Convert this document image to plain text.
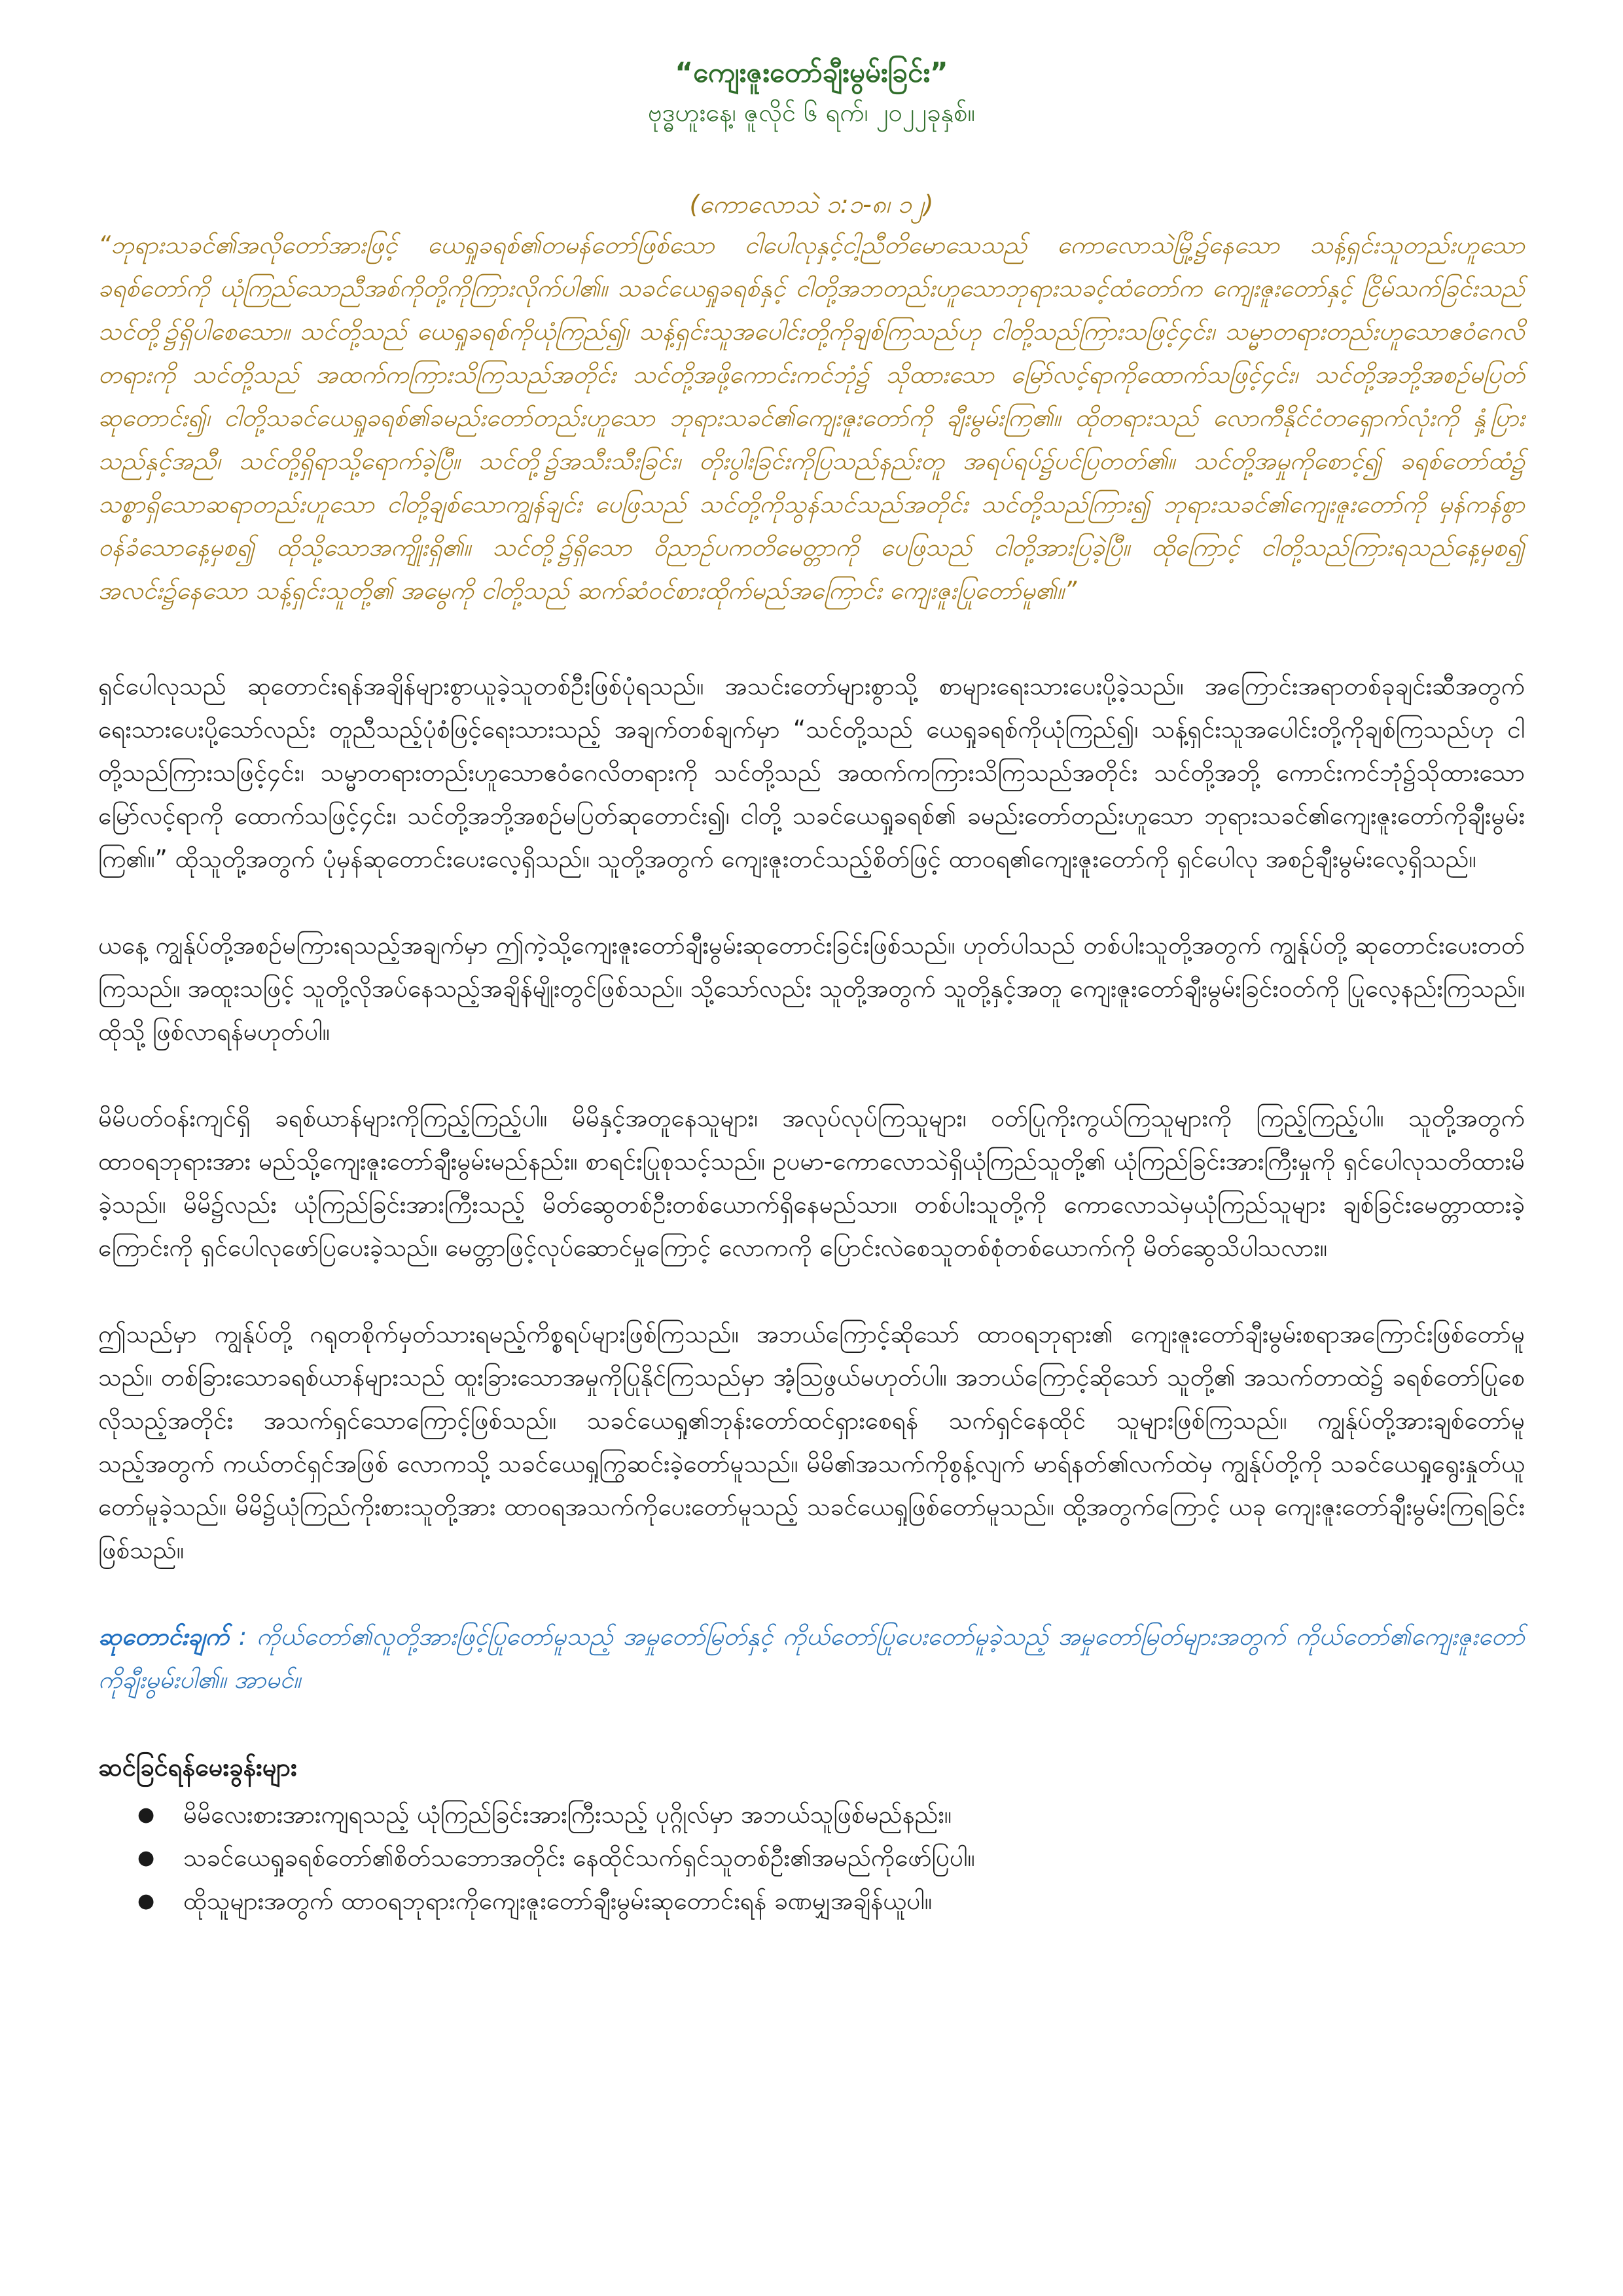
“ကျေးဇူးတော်ချီးမွမ်းခြင်း”

ဗုဒ္ဓဟူးနေ့၊ ဇူလိုင် ၆ ရက်၊ ၂၀၂၂ခုနှစ်။

(ကောလောသဲ ၁:၁-၈၊ ၁၂)

“ဘုရားသခင်၏အလိုတော်အားဖြင့် ယေရှုခရစ်၏တမန်တော်ဖြစ်သော ငါပေါလုနှင့်ငါ့ညီတိမောသေသည် ကောလောသဲမြို့၌နေသော သန့်ရှင်းသူတည်းဟူသော ခရစ်တော်ကို ယုံကြည်သောညီအစ်ကိုတို့ကိုကြားလိုက်ပါ၏။ သခင်ယေရှုခရစ်နှင့် ငါတို့အဘတည်းဟူသောဘုရားသခင့်ထံတော်က ကျေးဇူးတော်နှင့် ငြိမ်သက်ခြင်းသည် သင်တို့၌ရှိပါစေသော။ သင်တို့သည် ယေရှုခရစ်ကိုယုံကြည်၍၊ သန့်ရှင်းသူအပေါင်းတို့ကိုချစ်ကြသည်ဟု ငါတို့သည်ကြားသဖြင့်၄င်း၊ သမ္မာတရားတည်းဟူသောဧဝံဂေလိတရားကို သင်တို့သည် အထက်ကကြားသိကြသည်အတိုင်း သင်တို့အဖို့ကောင်းကင်ဘုံ၌ သိုထားသော မြော်လင့်ရာကိုထောက်သဖြင့်၄င်း၊ သင်တို့အဘို့အစဉ်မပြတ်ဆုတောင်း၍၊ ငါတို့သခင်ယေရှုခရစ်၏ခမည်းတော်တည်းဟူသော ဘုရားသခင်၏ကျေးဇူးတော်ကို ချီးမွမ်းကြ၏။ ထိုတရားသည် လောကီနိုင်ငံတရှောက်လုံးကို နှံ့ပြားသည်နှင့်အညီ၊ သင်တို့ရှိရာသို့ရောက်ခဲ့ပြီ။ သင်တို့၌အသီးသီးခြင်း၊ တိုးပွါးခြင်းကိုပြသည်နည်းတူ အရပ်ရပ်၌ပင်ပြတတ်၏။ သင်တို့အမှုကိုစောင့်၍ ခရစ်တော်ထံ၌ သစ္စာရှိသောဆရာတည်းဟူသော ငါတို့ချစ်သောကျွန်ချင်း ပေဖြသည် သင်တို့ကိုသွန်သင်သည်အတိုင်း သင်တို့သည်ကြား၍ ဘုရားသခင်၏ကျေးဇူးတော်ကို မှန်ကန်စွာဝန်ခံသောနေ့မှစ၍ ထိုသို့သောအကျိုးရှိ၏။ သင်တို့၌ရှိသော ဝိညာဉ်ပကတိမေတ္တာကို ပေဖြသည် ငါတို့အားပြခဲ့ပြီ။ ထိုကြောင့် ငါတို့သည်ကြားရသည်နေ့မှစ၍ အလင်း၌နေသော သန့်ရှင်းသူတို့၏ အမွေကို ငါတို့သည် ဆက်ဆံဝင်စားထိုက်မည်အကြောင်း ကျေးဇူးပြုတော်မူ၏။”

ရှင်ပေါလုသည် ဆုတောင်းရန်အချိန်များစွာယူခဲ့သူတစ်ဦးဖြစ်ပုံရသည်။ အသင်းတော်များစွာသို့ စာများရေးသားပေးပို့ခဲ့သည်။ အကြောင်းအရာတစ်ခုချင်းဆီအတွက်ရေးသားပေးပို့သော်လည်း တူညီသည့်ပုံစံဖြင့်ရေးသားသည့် အချက်တစ်ချက်မှာ “သင်တို့သည် ယေရှုခရစ်ကိုယုံကြည်၍၊ သန့်ရှင်းသူအပေါင်းတို့ကိုချစ်ကြသည်ဟု ငါတို့သည်ကြားသဖြင့်၄င်း၊ သမ္မာတရားတည်းဟူသောဧဝံဂေလိတရားကို သင်တို့သည် အထက်ကကြားသိကြသည်အတိုင်း သင်တို့အဘို့ ကောင်းကင်ဘုံ၌သိုထားသောမြော်လင့်ရာကို ထောက်သဖြင့်၄င်း၊ သင်တို့အဘို့အစဉ်မပြတ်ဆုတောင်း၍၊ ငါတို့ သခင်ယေရှုခရစ်၏ ခမည်းတော်တည်းဟူသော ဘုရားသခင်၏ကျေးဇူးတော်ကိုချီးမွမ်းကြ၏။” ထိုသူတို့အတွက် ပုံမှန်ဆုတောင်းပေးလေ့ရှိသည်။ သူတို့အတွက် ကျေးဇူးတင်သည့်စိတ်ဖြင့် ထာဝရ၏ကျေးဇူးတော်ကို ရှင်ပေါလု အစဉ်ချီးမွမ်းလေ့ရှိသည်။

ယနေ့ ကျွန်ုပ်တို့အစဉ်မကြားရသည့်အချက်မှာ ဤကဲ့သို့ကျေးဇူးတော်ချီးမွမ်းဆုတောင်းခြင်းဖြစ်သည်။ ဟုတ်ပါသည် တစ်ပါးသူတို့အတွက် ကျွန်ုပ်တို့ ဆုတောင်းပေးတတ်ကြသည်။ အထူးသဖြင့် သူတို့လိုအပ်နေသည့်အချိန်မျိုးတွင်ဖြစ်သည်။ သို့သော်လည်း သူတို့အတွက် သူတို့နှင့်အတူ ကျေးဇူးတော်ချီးမွမ်းခြင်းဝတ်ကို ပြုလေ့နည်းကြသည်။ ထိုသို့ ဖြစ်လာရန်မဟုတ်ပါ။

မိမိပတ်ဝန်းကျင်ရှိ ခရစ်ယာန်များကိုကြည့်ကြည့်ပါ။ မိမိနှင့်အတူနေသူများ၊ အလုပ်လုပ်ကြသူများ၊ ဝတ်ပြုကိုးကွယ်ကြသူများကို ကြည့်ကြည့်ပါ။ သူတို့အတွက် ထာဝရဘုရားအား မည်သို့ကျေးဇူးတော်ချီးမွမ်းမည်နည်း။ စာရင်းပြုစုသင့်သည်။ ဥပမာ-ကောလောသဲရှိယုံကြည်သူတို့၏ ယုံကြည်ခြင်းအားကြီးမှုကို ရှင်ပေါလုသတိထားမိခဲ့သည်။ မိမိ၌လည်း ယုံကြည်ခြင်းအားကြီးသည့် မိတ်ဆွေတစ်ဦးတစ်ယောက်ရှိနေမည်သာ။ တစ်ပါးသူတို့ကို ကောလောသဲမှယုံကြည်သူများ ချစ်ခြင်းမေတ္တာထားခဲ့ကြောင်းကို ရှင်ပေါလုဖော်ပြပေးခဲ့သည်။ မေတ္တာဖြင့်လုပ်ဆောင်မှုကြောင့် လောကကို ပြောင်းလဲစေသူတစ်စုံတစ်ယောက်ကို မိတ်ဆွေသိပါသလား။

ဤသည်မှာ ကျွန်ုပ်တို့ ဂရုတစိုက်မှတ်သားရမည့်ကိစ္စရပ်များဖြစ်ကြသည်။ အဘယ်ကြောင့်ဆိုသော် ထာဝရဘုရား၏ ကျေးဇူးတော်ချီးမွမ်းစရာအကြောင်းဖြစ်တော်မူသည်။ တစ်ခြားသောခရစ်ယာန်များသည် ထူးခြားသောအမှုကိုပြုနိုင်ကြသည်မှာ အံ့သြဖွယ်မဟုတ်ပါ။ အဘယ်ကြောင့်ဆိုသော် သူတို့၏ အသက်တာထဲ၌ ခရစ်တော်ပြုစေလိုသည့်အတိုင်း အသက်ရှင်သောကြောင့်ဖြစ်သည်။ သခင်ယေရှု၏ဘုန်းတော်ထင်ရှားစေရန် သက်ရှင်နေထိုင် သူများဖြစ်ကြသည်။ ကျွန်ုပ်တို့အားချစ်တော်မူသည့်အတွက် ကယ်တင်ရှင်အဖြစ် လောကသို့ သခင်ယေရှုကြွဆင်းခဲ့တော်မူသည်။ မိမိ၏အသက်ကိုစွန့်လျက် မာရ်နတ်၏လက်ထဲမှ ကျွန်ုပ်တို့ကို သခင်ယေရှုရွေးနှုတ်ယူတော်မူခဲ့သည်။ မိမိ၌ယုံကြည်ကိုးစားသူတို့အား ထာဝရအသက်ကိုပေးတော်မူသည့် သခင်ယေရှုဖြစ်တော်မူသည်။ ထို့အတွက်ကြောင့် ယခု ကျေးဇူးတော်ချီးမွမ်းကြရခြင်းဖြစ်သည်။

ဆုတောင်းချက် : ကိုယ်တော်၏လူတို့အားဖြင့်ပြုတော်မူသည့် အမှုတော်မြတ်နှင့် ကိုယ်တော်ပြုပေးတော်မူခဲ့သည့် အမှုတော်မြတ်များအတွက် ကိုယ်တော်၏ကျေးဇူးတော်ကိုချီးမွမ်းပါ၏။ အာမင်။

ဆင်ခြင်ရန်မေးခွန်းများ

● မိမိလေးစားအားကျရသည့် ယုံကြည်ခြင်းအားကြီးသည့် ပုဂ္ဂိုလ်မှာ အဘယ်သူဖြစ်မည်နည်း။
● သခင်ယေရှုခရစ်တော်၏စိတ်သဘောအတိုင်း နေထိုင်သက်ရှင်သူတစ်ဦး၏အမည်ကိုဖော်ပြပါ။
● ထိုသူများအတွက် ထာဝရဘုရားကိုကျေးဇူးတော်ချီးမွမ်းဆုတောင်းရန် ခဏမျှအချိန်ယူပါ။
